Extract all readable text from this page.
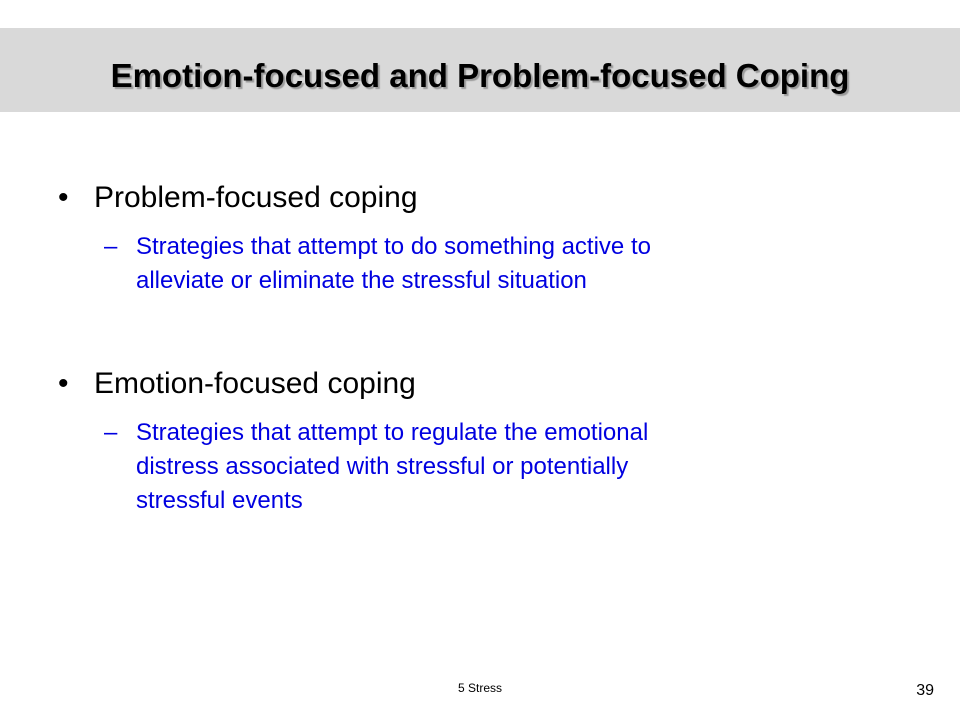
Emotion-focused and Problem-focused Coping
• Problem-focused coping
– Strategies that attempt to do something active to
alleviate or eliminate the stressful situation
• Emotion-focused coping
– Strategies that attempt to regulate the emotional
distress associated with stressful or potentially
stressful events
5 Stress	39
